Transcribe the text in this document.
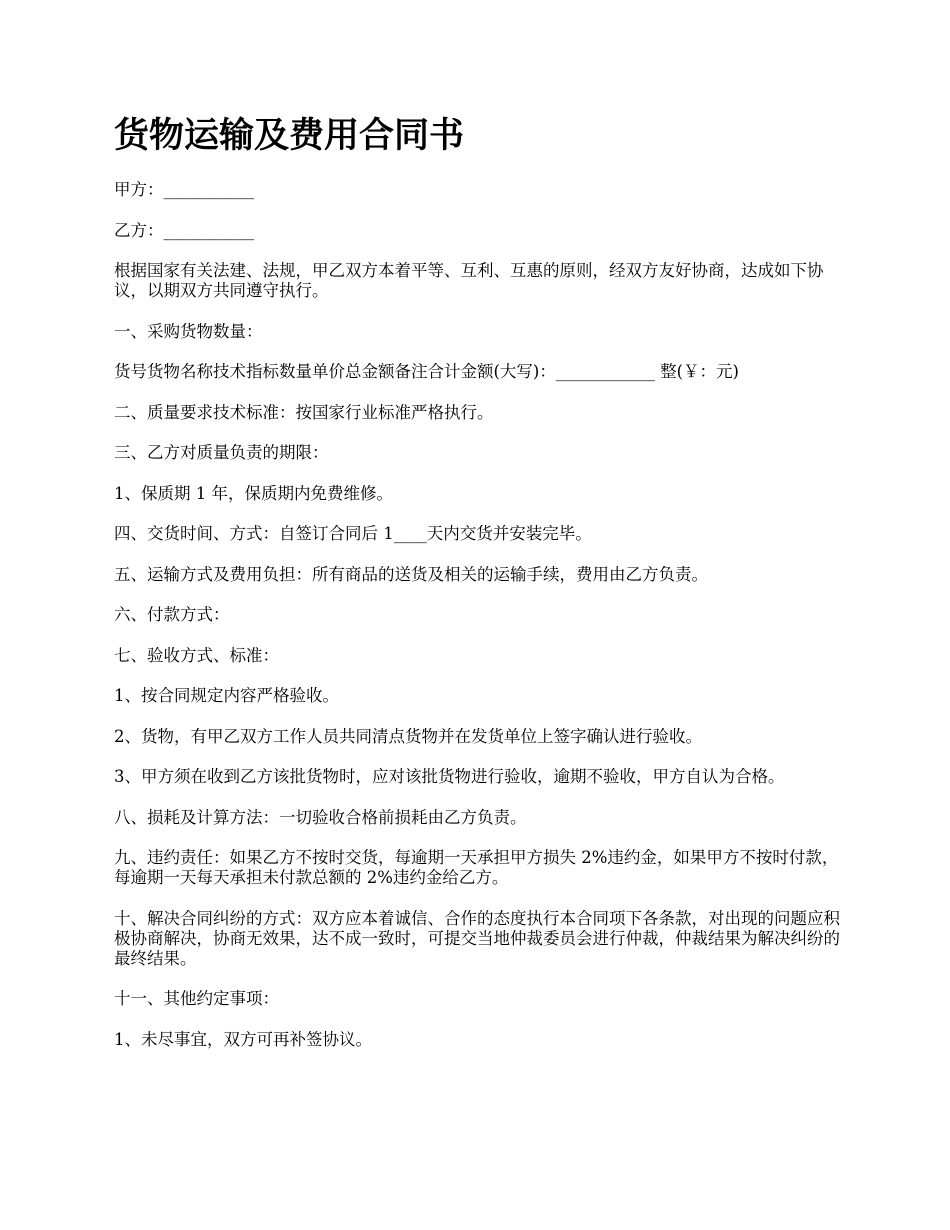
货物运输及费用合同书

甲方：___________

乙方：___________

根据国家有关法建、法规，甲乙双方本着平等、互利、互惠的原则，经双方友好协商，达成如下协议，以期双方共同遵守执行。

一、采购货物数量：

货号货物名称技术指标数量单价总金额备注合计金额(大写)：____________ 整(￥：元)

二、质量要求技术标准：按国家行业标准严格执行。

三、乙方对质量负责的期限：

1、保质期 1 年，保质期内免费维修。

四、交货时间、方式：自签订合同后 1____天内交货并安装完毕。

五、运输方式及费用负担：所有商品的送货及相关的运输手续，费用由乙方负责。

六、付款方式：

七、验收方式、标准：

1、按合同规定内容严格验收。

2、货物，有甲乙双方工作人员共同清点货物并在发货单位上签字确认进行验收。

3、甲方须在收到乙方该批货物时，应对该批货物进行验收，逾期不验收，甲方自认为合格。

八、损耗及计算方法：一切验收合格前损耗由乙方负责。

九、违约责任：如果乙方不按时交货，每逾期一天承担甲方损失 2%违约金，如果甲方不按时付款，每逾期一天每天承担未付款总额的 2%违约金给乙方。

十、解决合同纠纷的方式：双方应本着诚信、合作的态度执行本合同项下各条款，对出现的问题应积极协商解决，协商无效果，达不成一致时，可提交当地仲裁委员会进行仲裁，仲裁结果为解决纠纷的最终结果。

十一、其他约定事项：

1、未尽事宜，双方可再补签协议。
